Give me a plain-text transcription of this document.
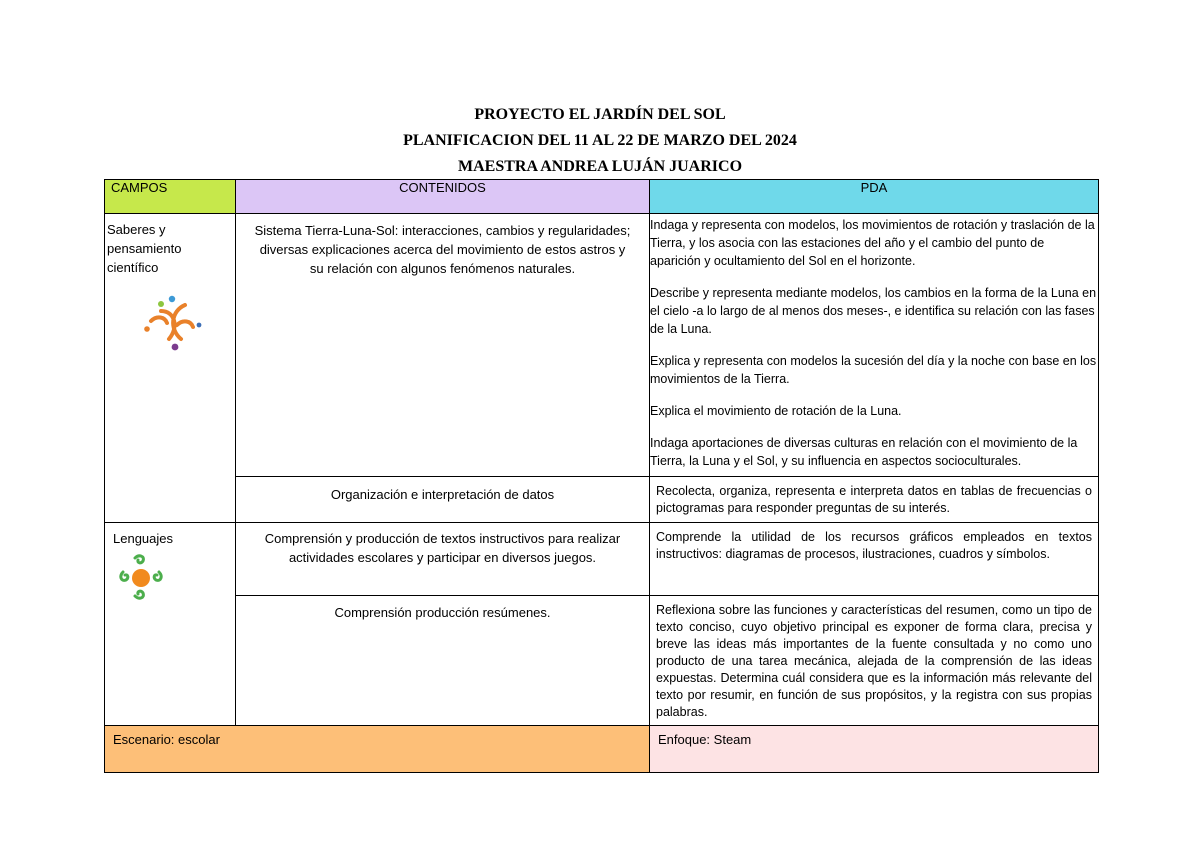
PROYECTO EL JARDÍN DEL SOL
PLANIFICACION DEL 11 AL 22 DE MARZO DEL 2024
MAESTRA ANDREA LUJÁN JUARICO
CAMPOS	CONTENIDOS	PDA
Saberes y pensamiento científico	Sistema Tierra-Luna-Sol: interacciones, cambios y regularidades; diversas explicaciones acerca del movimiento de estos astros y su relación con algunos fenómenos naturales.	Indaga y representa con modelos, los movimientos de rotación y traslación de la Tierra, y los asocia con las estaciones del año y el cambio del punto de aparición y ocultamiento del Sol en el horizonte.

Describe y representa mediante modelos, los cambios en la forma de la Luna en el cielo -a lo largo de al menos dos meses-, e identifica su relación con las fases de la Luna.

Explica y representa con modelos la sucesión del día y la noche con base en los movimientos de la Tierra.

Explica el movimiento de rotación de la Luna.

Indaga aportaciones de diversas culturas en relación con el movimiento de la Tierra, la Luna y el Sol, y su influencia en aspectos socioculturales.

	Organización e interpretación de datos	Recolecta, organiza, representa e interpreta datos en tablas de frecuencias o pictogramas para responder preguntas de su interés.
Lenguajes	Comprensión y producción de textos instructivos para realizar actividades escolares y participar en diversos juegos.	Comprende la utilidad de los recursos gráficos empleados en textos instructivos: diagramas de procesos, ilustraciones, cuadros y símbolos.
	Comprensión producción resúmenes.	Reflexiona sobre las funciones y características del resumen, como un tipo de texto conciso, cuyo objetivo principal es exponer de forma clara, precisa y breve las ideas más importantes de la fuente consultada y no como uno producto de una tarea mecánica, alejada de la comprensión de las ideas expuestas. Determina cuál considera que es la información más relevante del texto por resumir, en función de sus propósitos, y la registra con sus propias palabras.
Escenario: escolar		Enfoque: Steam
